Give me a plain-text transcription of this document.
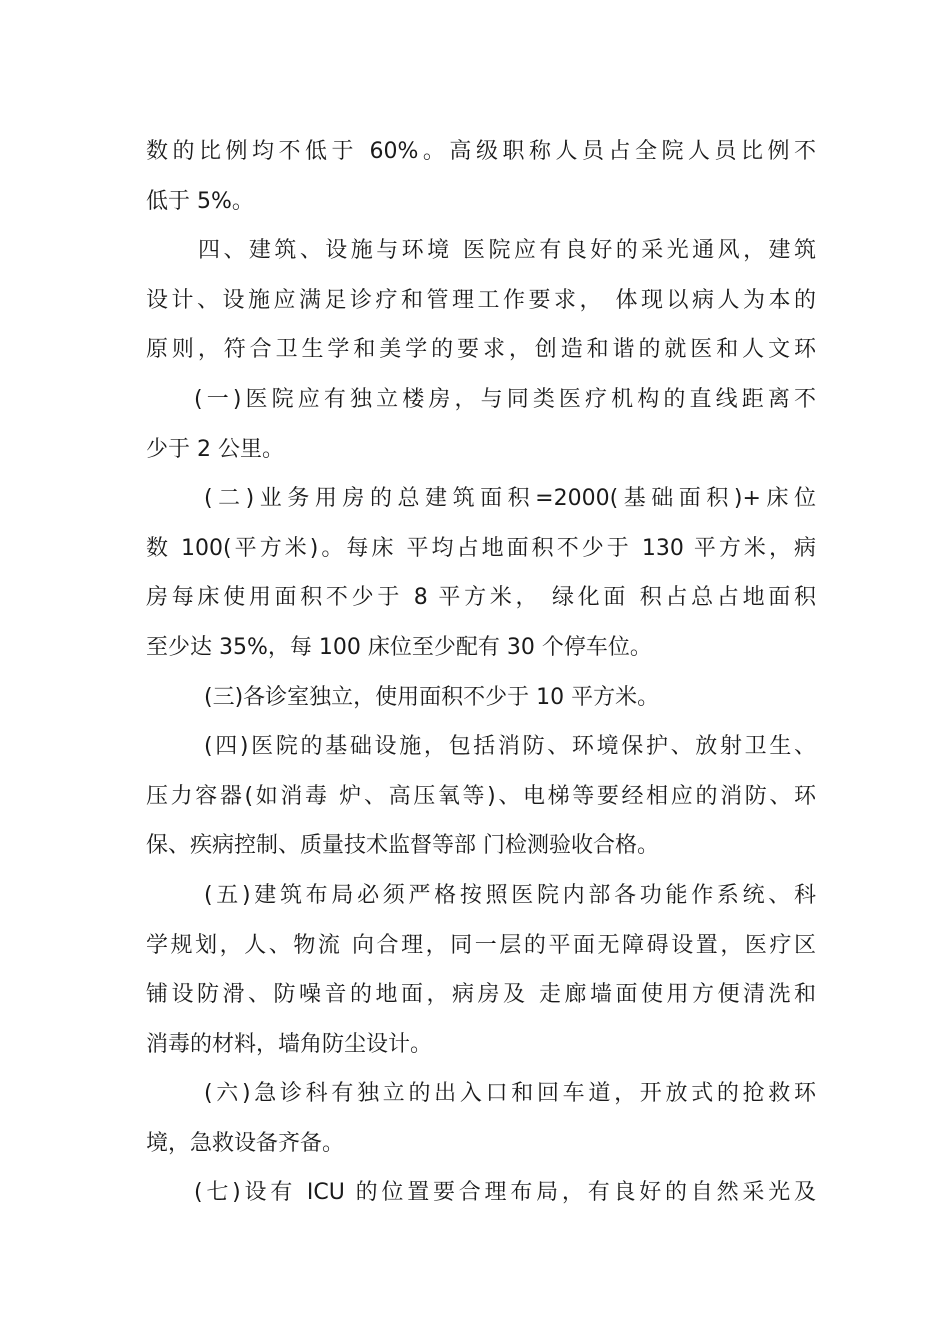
数的比例均不低于 60%。高级职称人员占全院人员比例不
低于 5%。
四、建筑、设施与环境 医院应有良好的采光通风，建筑
设计、设施应满足诊疗和管理工作要求， 体现以病人为本的
原则，符合卫生学和美学的要求，创造和谐的就医和人文环
(一)医院应有独立楼房，与同类医疗机构的直线距离不
少于 2 公里。
(二)业务用房的总建筑面积=2000(基础面积)+床位
数 100(平方米)。每床 平均占地面积不少于 130 平方米，病
房每床使用面积不少于 8 平方米， 绿化面 积占总占地面积
至少达 35%，每 100 床位至少配有 30 个停车位。
(三)各诊室独立，使用面积不少于 10 平方米。
(四)医院的基础设施，包括消防、环境保护、放射卫生、
压力容器(如消毒 炉、高压氧等)、电梯等要经相应的消防、环
保、疾病控制、质量技术监督等部 门检测验收合格。
(五)建筑布局必须严格按照医院内部各功能作系统、科
学规划，人、物流 向合理，同一层的平面无障碍设置，医疗区
铺设防滑、防噪音的地面，病房及 走廊墙面使用方便清洗和
消毒的材料，墙角防尘设计。
(六)急诊科有独立的出入口和回车道，开放式的抢救环
境，急救设备齐备。
(七)设有 ICU 的位置要合理布局，有良好的自然采光及
